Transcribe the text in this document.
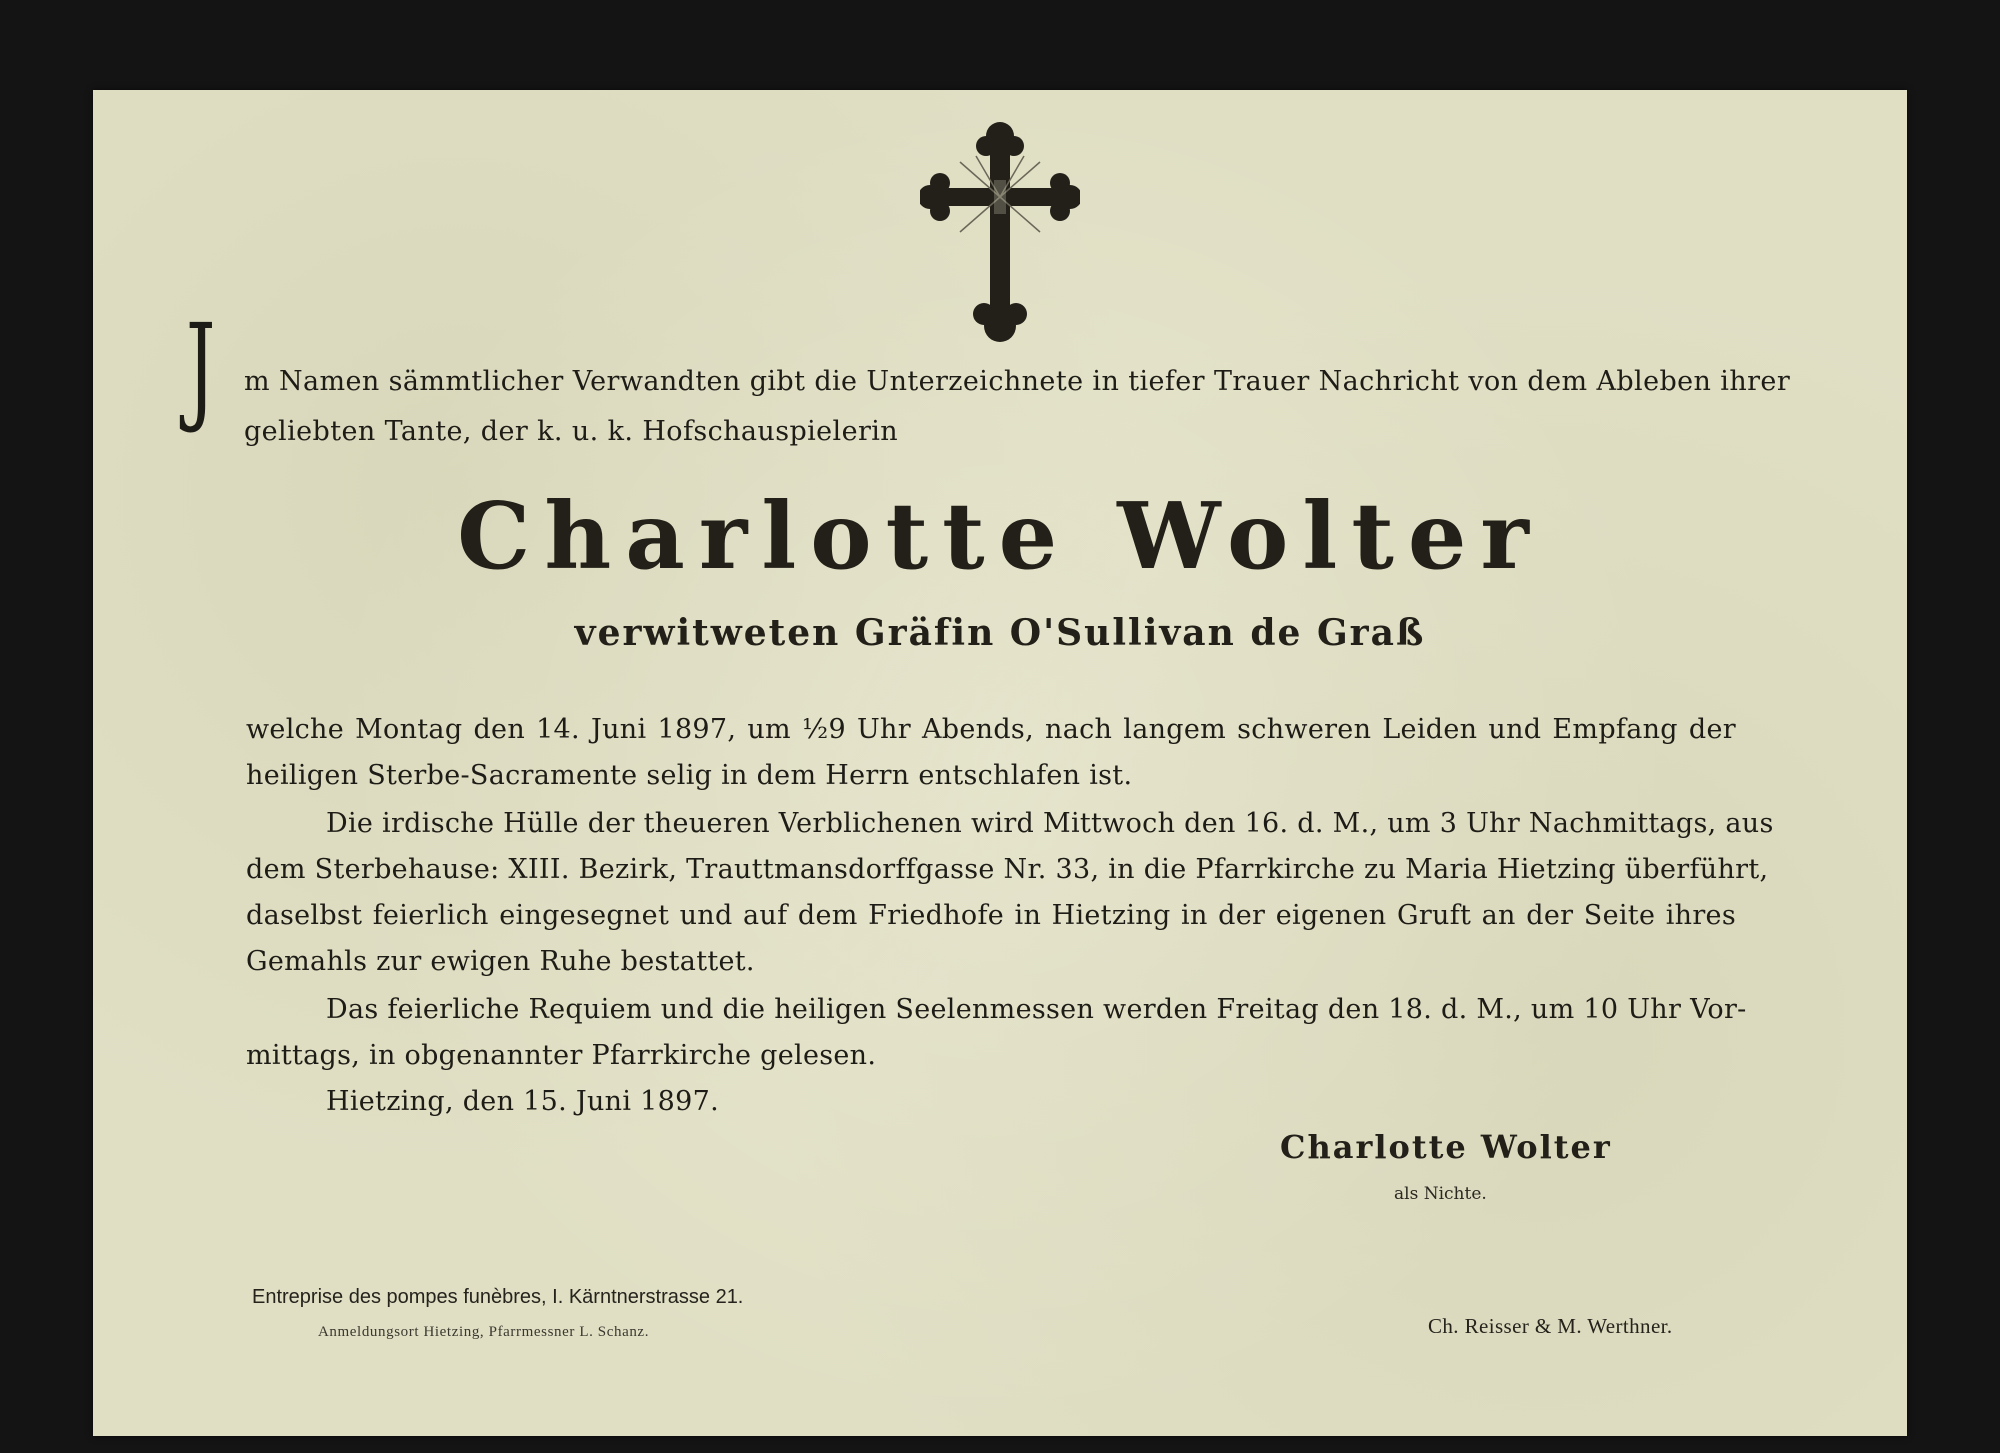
J m Namen sämmtlicher Verwandten gibt die Unterzeichnete in tiefer Trauer Nachricht von dem Ableben ihrer
geliebten Tante, der k. u. k. Hofschauspielerin
Charlotte Wolter
verwitweten Gräfin O'Sullivan de Graß
welche Montag den 14. Juni 1897, um ½9 Uhr Abends, nach langem schweren Leiden und Empfang der
heiligen Sterbe-Sacramente selig in dem Herrn entschlafen ist.
Die irdische Hülle der theueren Verblichenen wird Mittwoch den 16. d. M., um 3 Uhr Nachmittags, aus
dem Sterbehause: XIII. Bezirk, Trauttmansdorffgasse Nr. 33, in die Pfarrkirche zu Maria Hietzing überführt,
daselbst feierlich eingesegnet und auf dem Friedhofe in Hietzing in der eigenen Gruft an der Seite ihres
Gemahls zur ewigen Ruhe bestattet.
Das feierliche Requiem und die heiligen Seelenmessen werden Freitag den 18. d. M., um 10 Uhr Vor-
mittags, in obgenannter Pfarrkirche gelesen.
Hietzing, den 15. Juni 1897.
Charlotte Wolter
als Nichte.
Entreprise des pompes funèbres, I. Kärntnerstrasse 21.
Anmeldungsort Hietzing, Pfarrmessner L. Schanz.	Ch. Reisser & M. Werthner.
